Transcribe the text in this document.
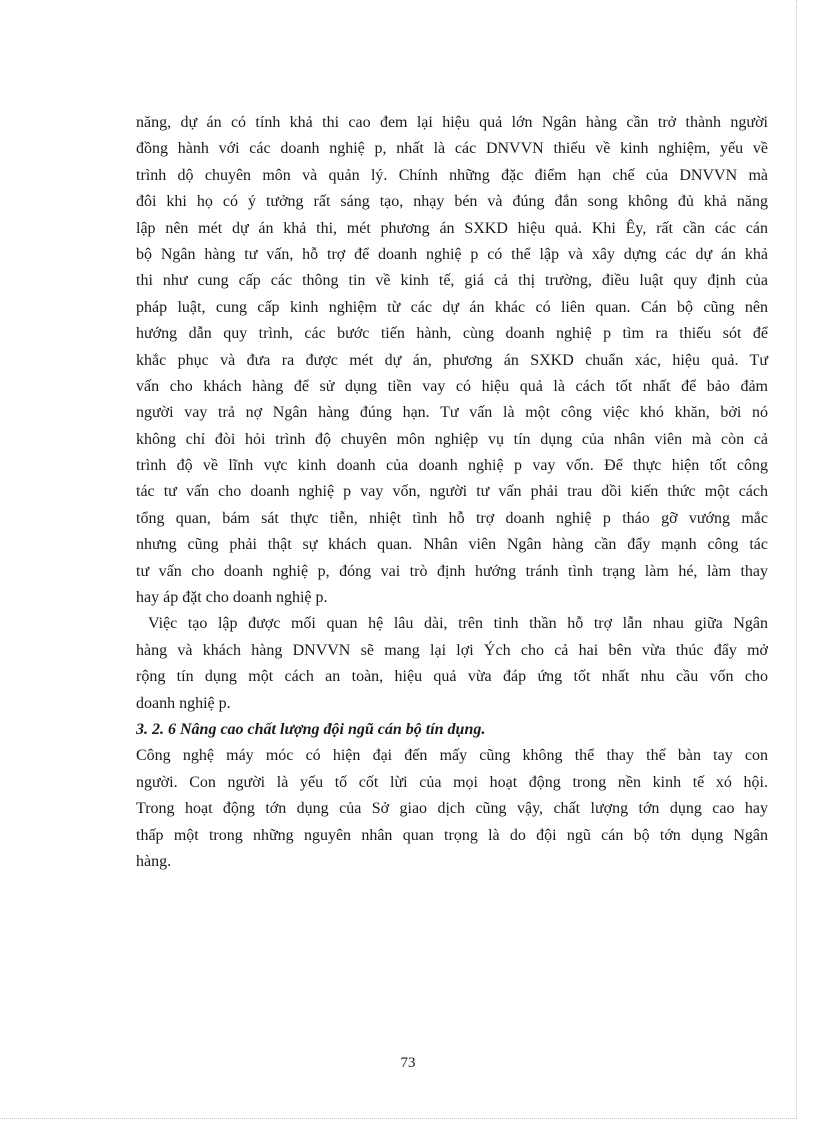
năng, dự án có tính khả thi cao đem lại hiệu quả lớn Ngân hàng cần trở thành người
đồng hành với các doanh nghiệ p, nhất là các DNVVN thiếu về kinh nghiệm, yếu về
trình dộ chuyên môn và quản lý. Chính những đặc điểm hạn chế của DNVVN mà
đôi khi họ có ý tưởng rất sáng tạo, nhạy bén và đúng đắn song không đủ khả năng
lập nên mét dự án khả thi, mét phương án SXKD hiệu quả. Khi Êy, rất cần các cán
bộ Ngân hàng tư vấn, hỗ trợ để doanh nghiệ p có thể lập và xây dựng các dự án khả
thi như cung cấp các thông tin về kinh tế, giá cả thị trường, điều luật quy định của
pháp luật, cung cấp kinh nghiệm từ các dự án khác có liên quan. Cán bộ cũng nên
hướng dẫn quy trình, các bước tiến hành, cùng doanh nghiệ p tìm ra thiếu sót để
khắc phục và đưa ra được mét dự án, phương án SXKD chuẩn xác, hiệu quả. Tư
vấn cho khách hàng để sử dụng tiền vay có hiệu quả là cách tốt nhất để bảo đảm
người vay trả nợ Ngân hàng đúng hạn. Tư vấn là một công việc khó khăn, bởi nó
không chỉ đòi hỏi trình độ chuyên môn nghiệp vụ tín dụng của nhân viên mà còn cả
trình độ về lĩnh vực kinh doanh của doanh nghiệ p vay vốn. Để thực hiện tốt công
tác tư vấn cho doanh nghiệ p vay vốn, người tư vấn phải trau dồi kiến thức một cách
tổng quan, bám sát thực tiễn, nhiệt tình hỗ trợ doanh nghiệ p tháo gỡ vướng mắc
nhưng cũng phải thật sự khách quan. Nhân viên Ngân hàng cần đẩy mạnh công tác
tư vấn cho doanh nghiệ p, đóng vai trò định hướng tránh tình trạng làm hé, làm thay
hay áp đặt cho doanh nghiệ p.
Việc tạo lập được mối quan hệ lâu dài, trên tinh thần hỗ trợ lẫn nhau giữa Ngân
hàng và khách hàng DNVVN sẽ mang lại lợi Ých cho cả hai bên vừa thúc đẩy mở
rộng tín dụng một cách an toàn, hiệu quả vừa đáp ứng tốt nhất nhu cầu vốn cho
doanh nghiệ p.
3. 2. 6 Nâng cao chất lượng đội ngũ cán bộ tín dụng.
Công nghệ máy móc có hiện đại đến mấy cũng không thể thay thế bàn tay con
người. Con người là yếu tố cốt lừi của mọi hoạt động trong nền kinh tế xó hội.
Trong hoạt động tớn dụng của Sở giao dịch cũng vậy, chất lượng tớn dụng cao hay
thấp một trong những nguyên nhân quan trọng là do đội ngũ cán bộ tớn dụng Ngân
hàng.
73
